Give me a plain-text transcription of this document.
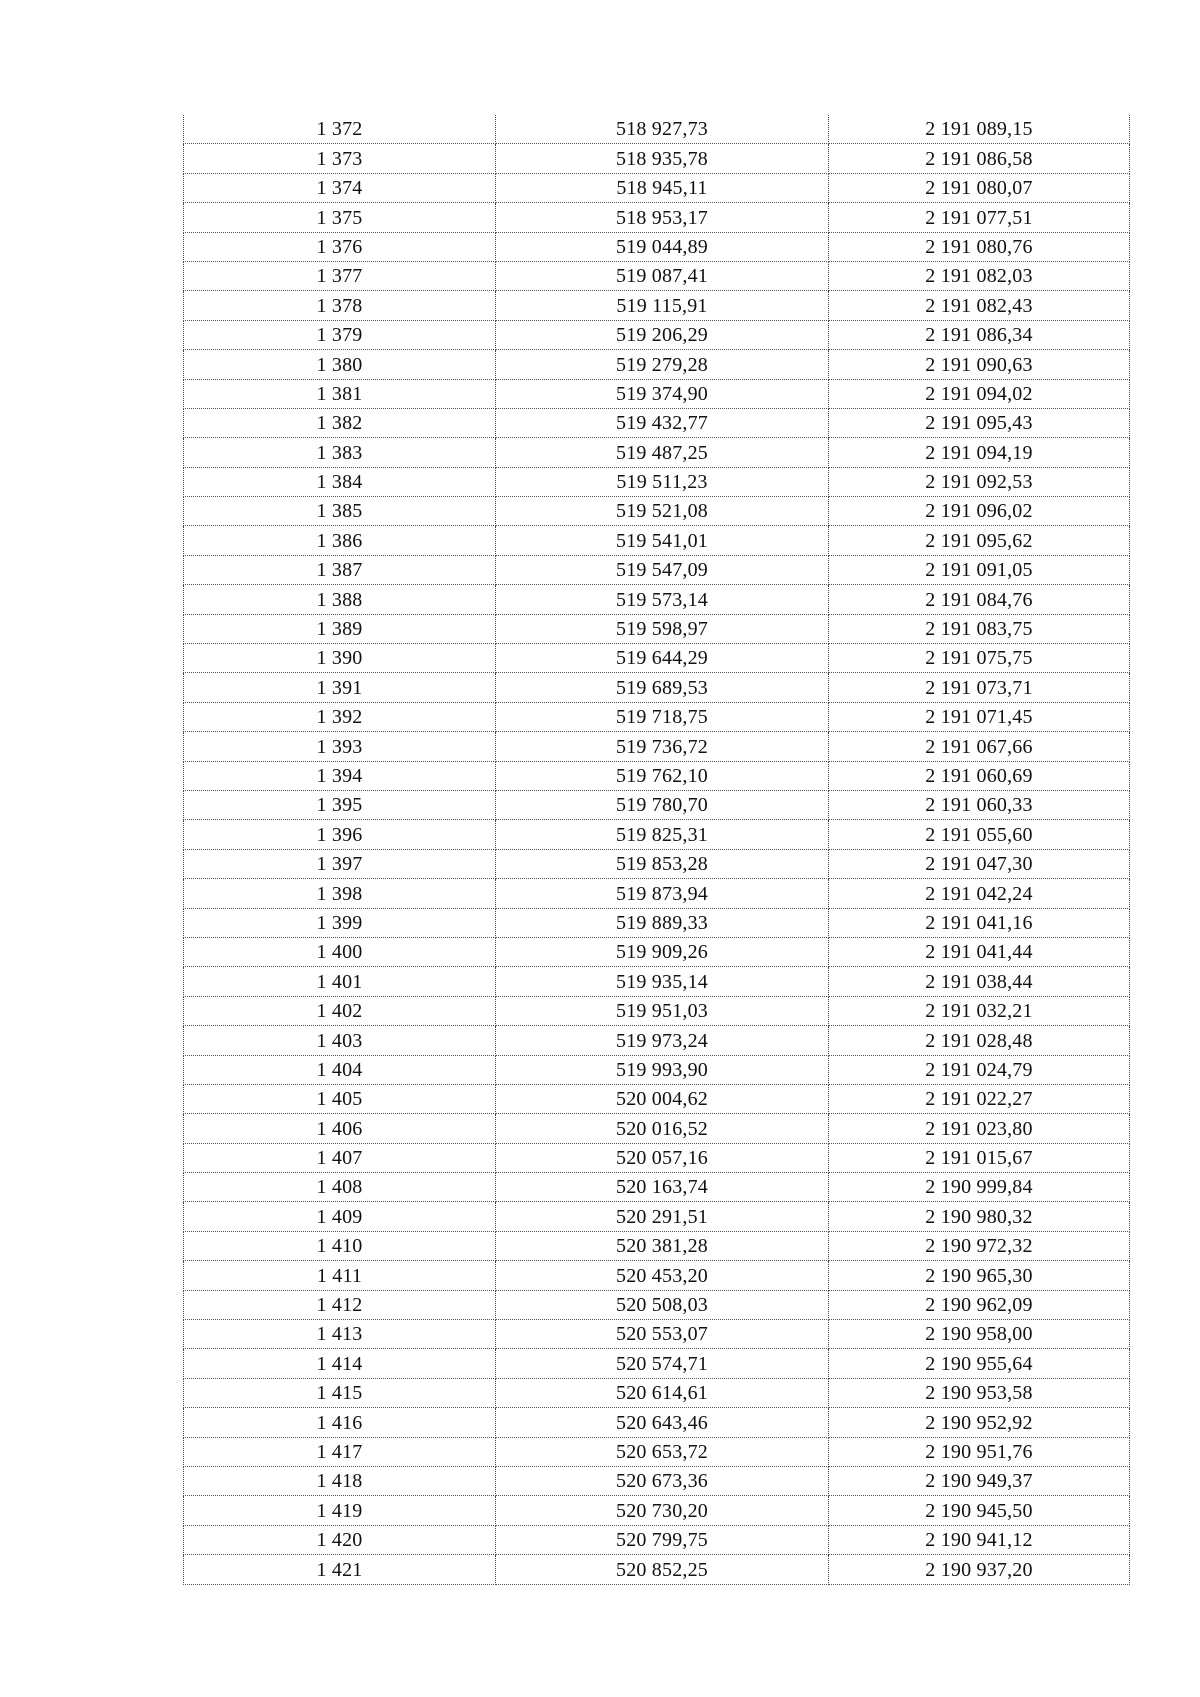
1 372	518 927,73	2 191 089,15
1 373	518 935,78	2 191 086,58
1 374	518 945,11	2 191 080,07
1 375	518 953,17	2 191 077,51
1 376	519 044,89	2 191 080,76
1 377	519 087,41	2 191 082,03
1 378	519 115,91	2 191 082,43
1 379	519 206,29	2 191 086,34
1 380	519 279,28	2 191 090,63
1 381	519 374,90	2 191 094,02
1 382	519 432,77	2 191 095,43
1 383	519 487,25	2 191 094,19
1 384	519 511,23	2 191 092,53
1 385	519 521,08	2 191 096,02
1 386	519 541,01	2 191 095,62
1 387	519 547,09	2 191 091,05
1 388	519 573,14	2 191 084,76
1 389	519 598,97	2 191 083,75
1 390	519 644,29	2 191 075,75
1 391	519 689,53	2 191 073,71
1 392	519 718,75	2 191 071,45
1 393	519 736,72	2 191 067,66
1 394	519 762,10	2 191 060,69
1 395	519 780,70	2 191 060,33
1 396	519 825,31	2 191 055,60
1 397	519 853,28	2 191 047,30
1 398	519 873,94	2 191 042,24
1 399	519 889,33	2 191 041,16
1 400	519 909,26	2 191 041,44
1 401	519 935,14	2 191 038,44
1 402	519 951,03	2 191 032,21
1 403	519 973,24	2 191 028,48
1 404	519 993,90	2 191 024,79
1 405	520 004,62	2 191 022,27
1 406	520 016,52	2 191 023,80
1 407	520 057,16	2 191 015,67
1 408	520 163,74	2 190 999,84
1 409	520 291,51	2 190 980,32
1 410	520 381,28	2 190 972,32
1 411	520 453,20	2 190 965,30
1 412	520 508,03	2 190 962,09
1 413	520 553,07	2 190 958,00
1 414	520 574,71	2 190 955,64
1 415	520 614,61	2 190 953,58
1 416	520 643,46	2 190 952,92
1 417	520 653,72	2 190 951,76
1 418	520 673,36	2 190 949,37
1 419	520 730,20	2 190 945,50
1 420	520 799,75	2 190 941,12
1 421	520 852,25	2 190 937,20
